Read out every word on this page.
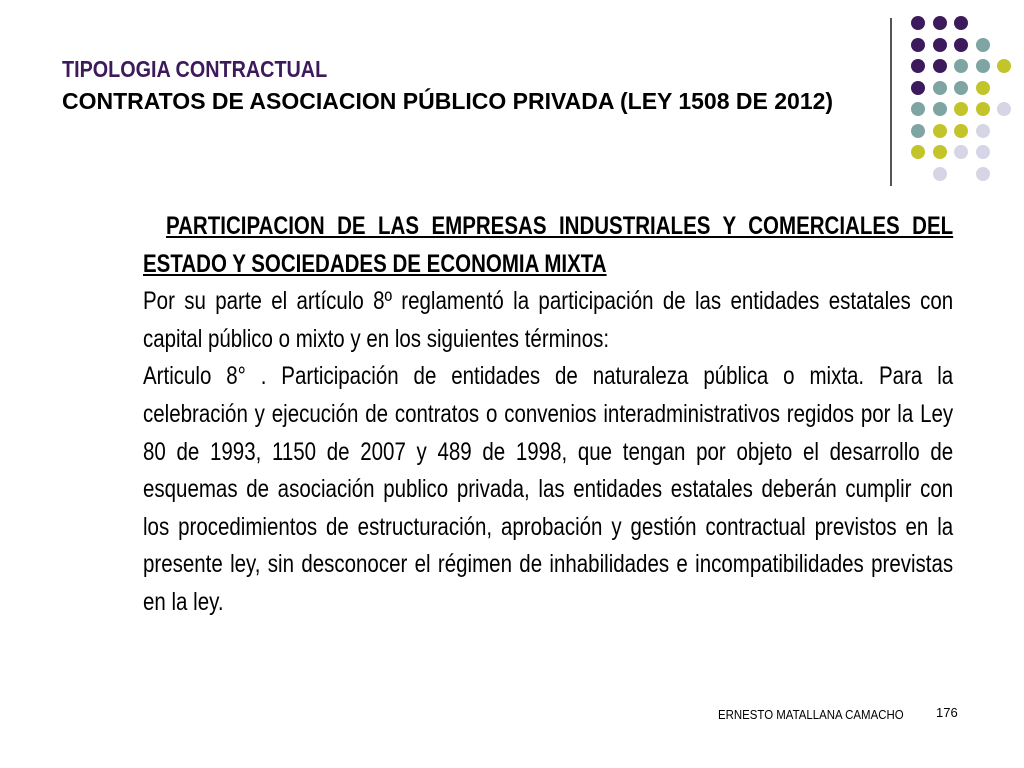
TIPOLOGIA CONTRACTUAL
CONTRATOS DE ASOCIACION PÚBLICO PRIVADA (LEY 1508 DE 2012)

PARTICIPACION DE LAS EMPRESAS INDUSTRIALES Y COMERCIALES DEL ESTADO Y SOCIEDADES DE ECONOMIA MIXTA

Por su parte el artículo 8º reglamentó la participación de las entidades estatales con capital público o mixto y en los siguientes términos:

Articulo 8° . Participación de entidades de naturaleza pública o mixta. Para la celebración y ejecución de contratos o convenios interadministrativos regidos por la Ley 80 de 1993, 1150 de 2007 y 489 de 1998, que tengan por objeto el desarrollo de esquemas de asociación publico privada, las entidades estatales deberán cumplir con los procedimientos de estructuración, aprobación y gestión contractual previstos en la presente ley, sin desconocer el régimen de inhabilidades e incompatibilidades previstas en la ley.

ERNESTO MATALLANA CAMACHO 176
